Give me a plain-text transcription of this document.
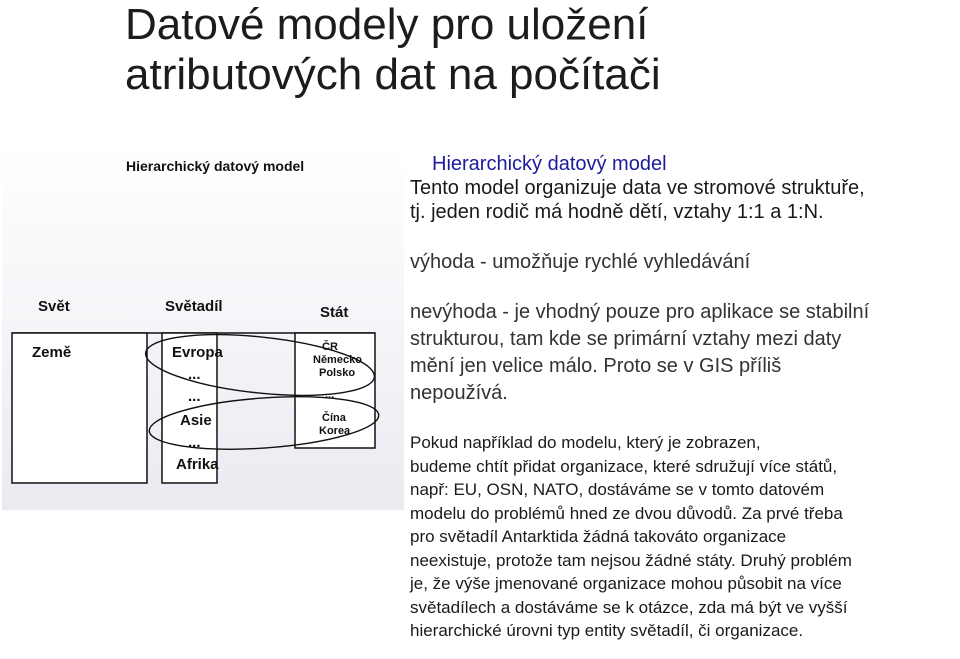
Datové modely pro uložení
atributových dat na počítači
Hierarchický datový model
Svět	Světadíl	Stát
Země	Evropa
...
...
Asie
...
Afrika
ČR
Německo
Polsko
...
Čína
Korea
Hierarchický datový model
Tento model organizuje data ve stromové struktuře,
tj. jeden rodič má hodně dětí, vztahy 1:1 a 1:N.
výhoda - umožňuje rychlé vyhledávání
nevýhoda - je vhodný pouze pro aplikace se stabilní
strukturou, tam kde se primární vztahy mezi daty
mění jen velice málo. Proto se v GIS příliš
nepoužívá.
Pokud například do modelu, který je zobrazen,
budeme chtít přidat organizace, které sdružují více států,
např: EU, OSN, NATO, dostáváme se v tomto datovém
modelu do problémů hned ze dvou důvodů. Za prvé třeba
pro světadíl Antarktida žádná takováto organizace
neexistuje, protože tam nejsou žádné státy. Druhý problém
je, že výše jmenované organizace mohou působit na více
světadílech a dostáváme se k otázce, zda má být ve vyšší
hierarchické úrovni typ entity světadíl, či organizace.
